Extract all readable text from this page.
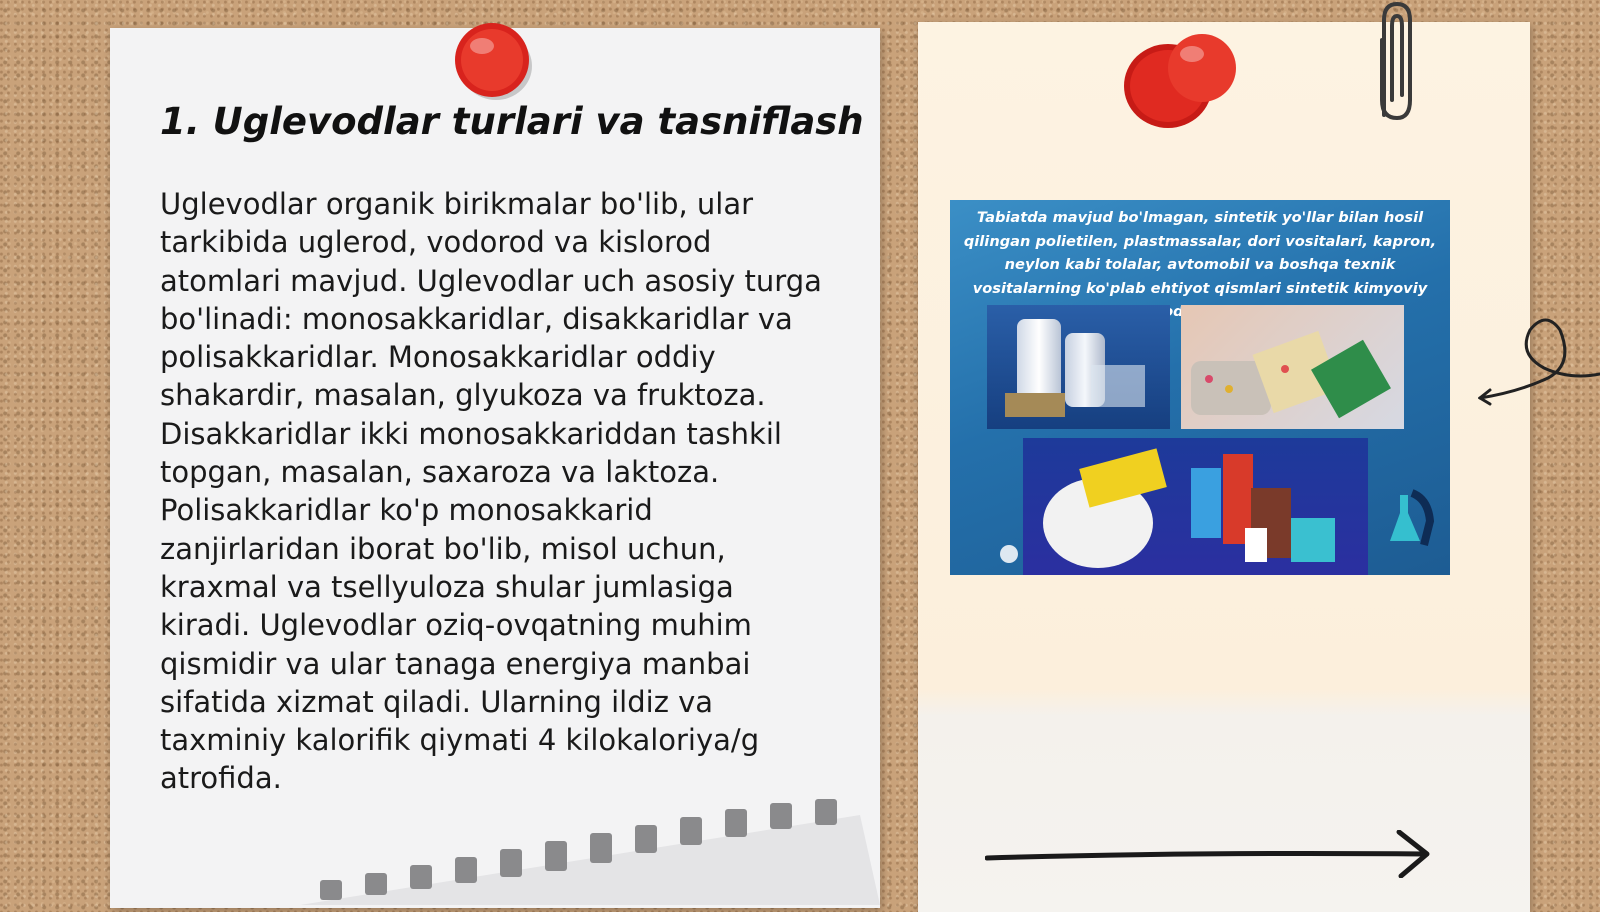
1. Uglevodlar turlari va tasniflash

Uglevodlar organik birikmalar bo'lib, ular tarkibida uglerod, vodorod va kislorod atomlari mavjud. Uglevodlar uch asosiy turga bo'linadi: monosakkaridlar, disakkaridlar va polisakkaridlar. Monosakkaridlar oddiy shakardir, masalan, glyukoza va fruktoza. Disakkaridlar ikki monosakkariddan tashkil topgan, masalan, saxaroza va laktoza. Polisakkaridlar ko'p monosakkarid zanjirlaridan iborat bo'lib, misol uchun, kraxmal va tsellyuloza shular jumlasiga kiradi. Uglevodlar oziq-ovqatning muhim qismidir va ular tanaga energiya manbai sifatida xizmat qiladi. Ularning ildiz va taxminiy kalorifik qiymati 4 kilokaloriya/g atrofida.

Tabiatda mavjud bo'lmagan, sintetik yo'llar bilan hosil qilingan polietilen, plastmassalar, dori vositalari, kapron, neylon kabi tolalar, avtomobil va boshqa texnik vositalarning ko'plab ehtiyot qismlari sintetik kimyoviy
